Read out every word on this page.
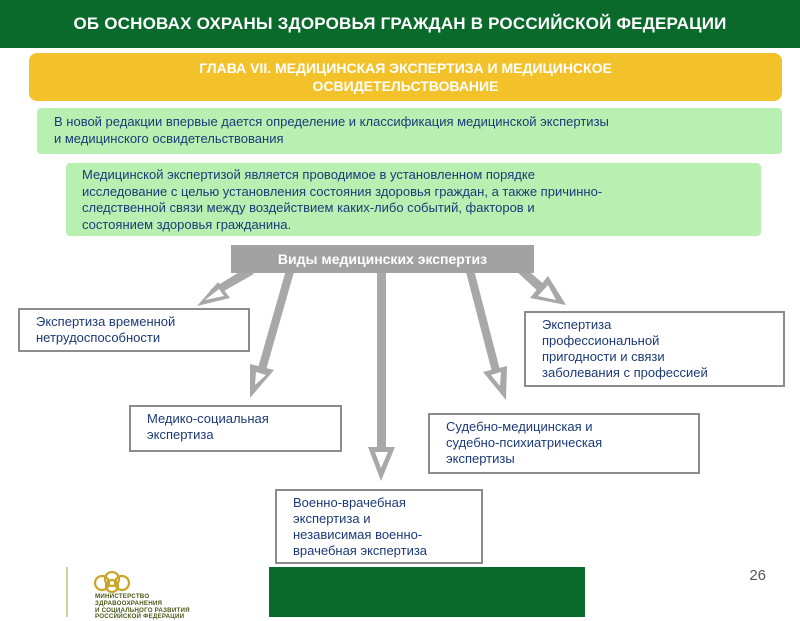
ОБ ОСНОВАХ ОХРАНЫ ЗДОРОВЬЯ ГРАЖДАН В РОССИЙСКОЙ ФЕДЕРАЦИИ
ГЛАВА VII. МЕДИЦИНСКАЯ ЭКСПЕРТИЗА И МЕДИЦИНСКОЕ
ОСВИДЕТЕЛЬСТВОВАНИЕ
В новой редакции впервые дается определение и классификация медицинской экспертизы
и медицинского освидетельствования
Медицинской экспертизой является проводимое в установленном порядке
исследование с целью установления состояния здоровья граждан, а также причинно-
следственной связи между воздействием каких-либо событий, факторов и
состоянием здоровья гражданина.
Виды медицинских экспертиз
Экспертиза временной
нетрудоспособности
Медико-социальная
экспертиза
Военно-врачебная
экспертиза и
независимая военно-
врачебная экспертиза
Судебно-медицинская и
судебно-психиатрическая
экспертизы
Экспертиза
профессиональной
пригодности и связи
заболевания с профессией
МИНИСТЕРСТВО
ЗДРАВООХРАНЕНИЯ
И СОЦИАЛЬНОГО РАЗВИТИЯ
РОССИЙСКОЙ ФЕДЕРАЦИИ
26
